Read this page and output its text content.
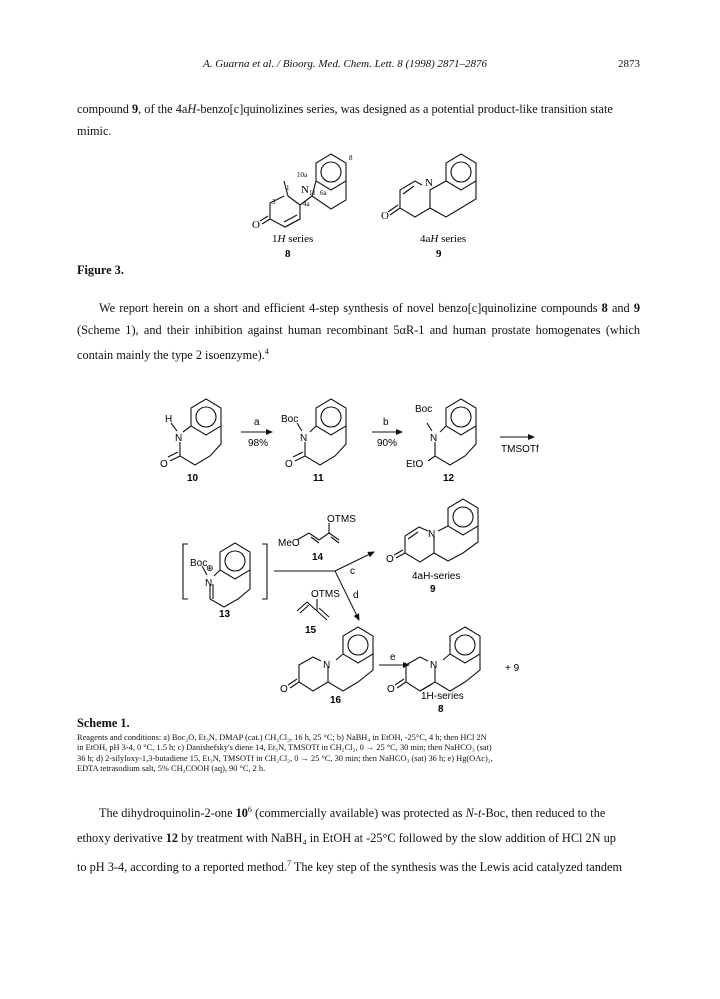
A. Guarna et al. / Bioorg. Med. Chem. Lett. 8 (1998) 2871–2876	2873
compound 9, of the 4aH-benzo[c]quinolizines series, was designed as a potential product-like transition state
mimic.
Figure 3.
We report herein on a short and efficient 4-step synthesis of novel benzo[c]quinolizine compounds 8 and 9 (Scheme 1), and their inhibition against human recombinant 5αR-1 and human prostate homogenates (which contain mainly the type 2 isoenzyme).$^4$
Scheme 1.
Reagents and conditions: a) Boc₂O, Et₃N, DMAP (cat.) CH₂Cl₂, 16 h, 25 °C; b) NaBH₄ in EtOH, -25°C, 4 h; then HCl 2N
in EtOH, pH 3-4, 0 °C, 1.5 h; c) Danishefsky's diene 14, Et₃N, TMSOTf in CH₂Cl₂, 0 → 25 °C, 30 min; then NaHCO₃ (sat)
36 h; d) 2-silyloxy-1,3-butadiene 15, Et₃N, TMSOTf in CH₂Cl₂, 0 → 25 °C, 30 min; then NaHCO₃ (sat) 36 h; e) Hg(OAc)₂,
EDTA tetrasodium salt, 5% CH₃COOH (aq), 90 °C, 2 h.
The dihydroquinolin-2-one $10^6$ (commercially available) was protected as N-t-Boc, then reduced to the
ethoxy derivative 12 by treatment with NaBH₄ in EtOH at -25°C followed by the slow addition of HCl 2N up
to pH 3-4, according to a reported method.$^7$ The key step of the synthesis was the Lewis acid catalyzed tandem
8
10a
1 N 11 6a
3	4a
O
1H series
8
N
O
4aH series
9
H
N
O
10
a
98%
Boc
N
O
11
b
90%
Boc
N
EtO
12
TMSOTf
Boc
N
⊕
13
MeO
OTMS
14
c
d
OTMS
15
N
O
4aH-series
9
N
O
16
e
N
O
1H-series
8
+ 9
